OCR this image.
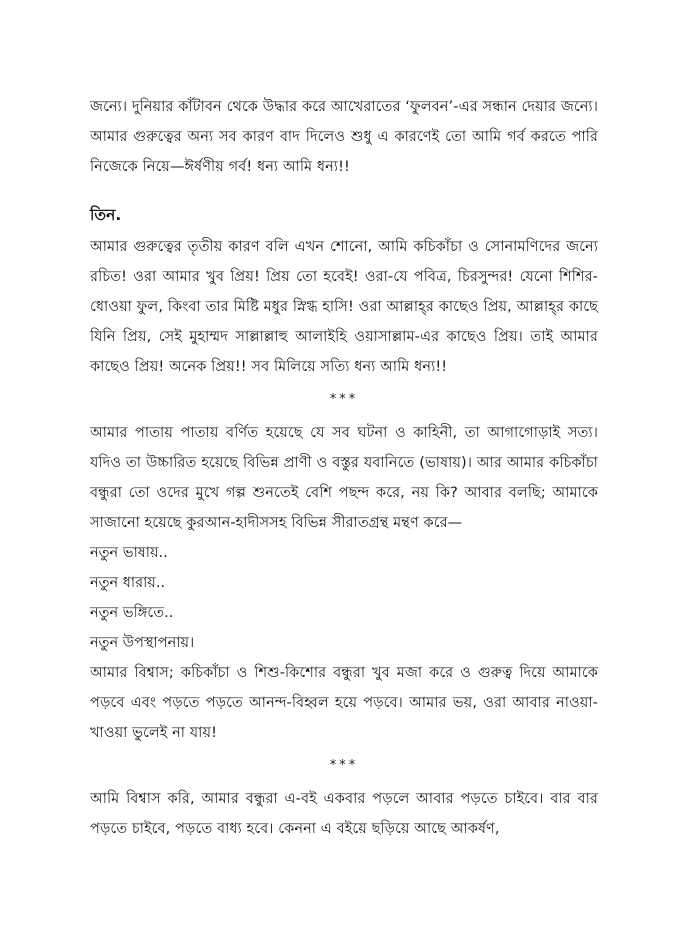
জন্যে। দুনিয়ার কাঁটাবন থেকে উদ্ধার করে আখেরাতের ‘ফুলবন’-এর সন্ধান দেয়ার জন্যে। আমার গুরুত্বের অন্য সব কারণ বাদ দিলেও শুধু এ কারণেই তো আমি গর্ব করতে পারি নিজেকে নিয়ে—ঈর্ষণীয় গর্ব! ধন্য আমি ধন্য!!

তিন.

আমার গুরুত্বের তৃতীয় কারণ বলি এখন শোনো, আমি কচিকাঁচা ও সোনামণিদের জন্যে রচিত! ওরা আমার খুব প্রিয়! প্রিয় তো হবেই! ওরা-যে পবিত্র, চিরসুন্দর! যেনো শিশির-ধোওয়া ফুল, কিংবা তার মিষ্টি মধুর স্নিগ্ধ হাসি! ওরা আল্লাহ্‌র কাছেও প্রিয়, আল্লাহ্‌র কাছে যিনি প্রিয়, সেই মুহাম্মদ সাল্লাল্লাহু আলাইহি ওয়াসাল্লাম-এর কাছেও প্রিয়। তাই আমার কাছেও প্রিয়! অনেক প্রিয়!! সব মিলিয়ে সত্যি ধন্য আমি ধন্য!!

***

আমার পাতায় পাতায় বর্ণিত হয়েছে যে সব ঘটনা ও কাহিনী, তা আগাগোড়াই সত্য। যদিও তা উচ্চারিত হয়েছে বিভিন্ন প্রাণী ও বস্তুর যবানিতে (ভাষায়)। আর আমার কচিকাঁচা বন্ধুরা তো ওদের মুখে গল্প শুনতেই বেশি পছন্দ করে, নয় কি? আবার বলছি; আমাকে সাজানো হয়েছে কুরআন-হাদীসসহ বিভিন্ন সীরাতগ্রন্থ মন্থণ করে—

নতুন ভাষায়..

নতুন ধারায়..

নতুন ভঙ্গিতে..

নতুন উপস্থাপনায়।

আমার বিশ্বাস; কচিকাঁচা ও শিশু-কিশোর বন্ধুরা খুব মজা করে ও গুরুত্ব দিয়ে আমাকে পড়বে এবং পড়তে পড়তে আনন্দ-বিহ্বল হয়ে পড়বে। আমার ভয়, ওরা আবার নাওয়া-খাওয়া ভুলেই না যায়!

***

আমি বিশ্বাস করি, আমার বন্ধুরা এ-বই একবার পড়লে আবার পড়তে চাইবে। বার বার পড়তে চাইবে, পড়তে বাধ্য হবে। কেননা এ বইয়ে ছড়িয়ে আছে আকর্ষণ,
